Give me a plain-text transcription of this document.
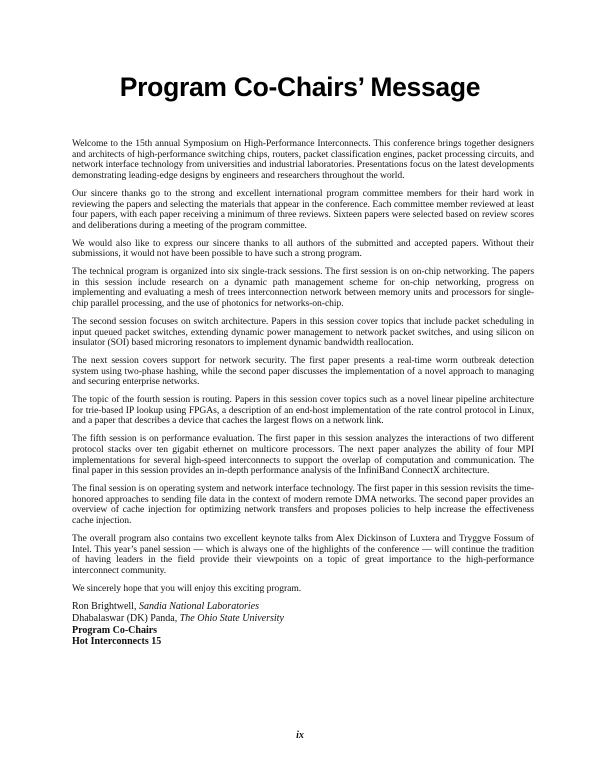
Program Co-Chairs’ Message

Welcome to the 15th annual Symposium on High-Performance Interconnects. This conference brings together designers and architects of high-performance switching chips, routers, packet classification engines, packet processing circuits, and network interface technology from universities and industrial laboratories. Presentations focus on the latest developments demonstrating leading-edge designs by engineers and researchers throughout the world.

Our sincere thanks go to the strong and excellent international program committee members for their hard work in reviewing the papers and selecting the materials that appear in the conference. Each committee member reviewed at least four papers, with each paper receiving a minimum of three reviews. Sixteen papers were selected based on review scores and deliberations during a meeting of the program committee.

We would also like to express our sincere thanks to all authors of the submitted and accepted papers. Without their submissions, it would not have been possible to have such a strong program.

The technical program is organized into six single-track sessions. The first session is on on-chip networking. The papers in this session include research on a dynamic path management scheme for on-chip networking, progress on implementing and evaluating a mesh of trees interconnection network between memory units and processors for single-chip parallel processing, and the use of photonics for networks-on-chip.

The second session focuses on switch architecture. Papers in this session cover topics that include packet scheduling in input queued packet switches, extending dynamic power management to network packet switches, and using silicon on insulator (SOI) based microring resonators to implement dynamic bandwidth reallocation.

The next session covers support for network security. The first paper presents a real-time worm outbreak detection system using two-phase hashing, while the second paper discusses the implementation of a novel approach to managing and securing enterprise networks.

The topic of the fourth session is routing. Papers in this session cover topics such as a novel linear pipeline architecture for trie-based IP lookup using FPGAs, a description of an end-host implementation of the rate control protocol in Linux, and a paper that describes a device that caches the largest flows on a network link.

The fifth session is on performance evaluation. The first paper in this session analyzes the interactions of two different protocol stacks over ten gigabit ethernet on multicore processors. The next paper analyzes the ability of four MPI implementations for several high-speed interconnects to support the overlap of computation and communication. The final paper in this session provides an in-depth performance analysis of the InfiniBand ConnectX architecture.

The final session is on operating system and network interface technology. The first paper in this session revisits the time-honored approaches to sending file data in the context of modern remote DMA networks. The second paper provides an overview of cache injection for optimizing network transfers and proposes policies to help increase the effectiveness cache injection.

The overall program also contains two excellent keynote talks from Alex Dickinson of Luxtera and Tryggve Fossum of Intel. This year’s panel session — which is always one of the highlights of the conference — will continue the tradition of having leaders in the field provide their viewpoints on a topic of great importance to the high-performance interconnect community.

We sincerely hope that you will enjoy this exciting program.

Ron Brightwell, Sandia National Laboratories

Dhabalaswar (DK) Panda, The Ohio State University

Program Co-Chairs

Hot Interconnects 15

ix
